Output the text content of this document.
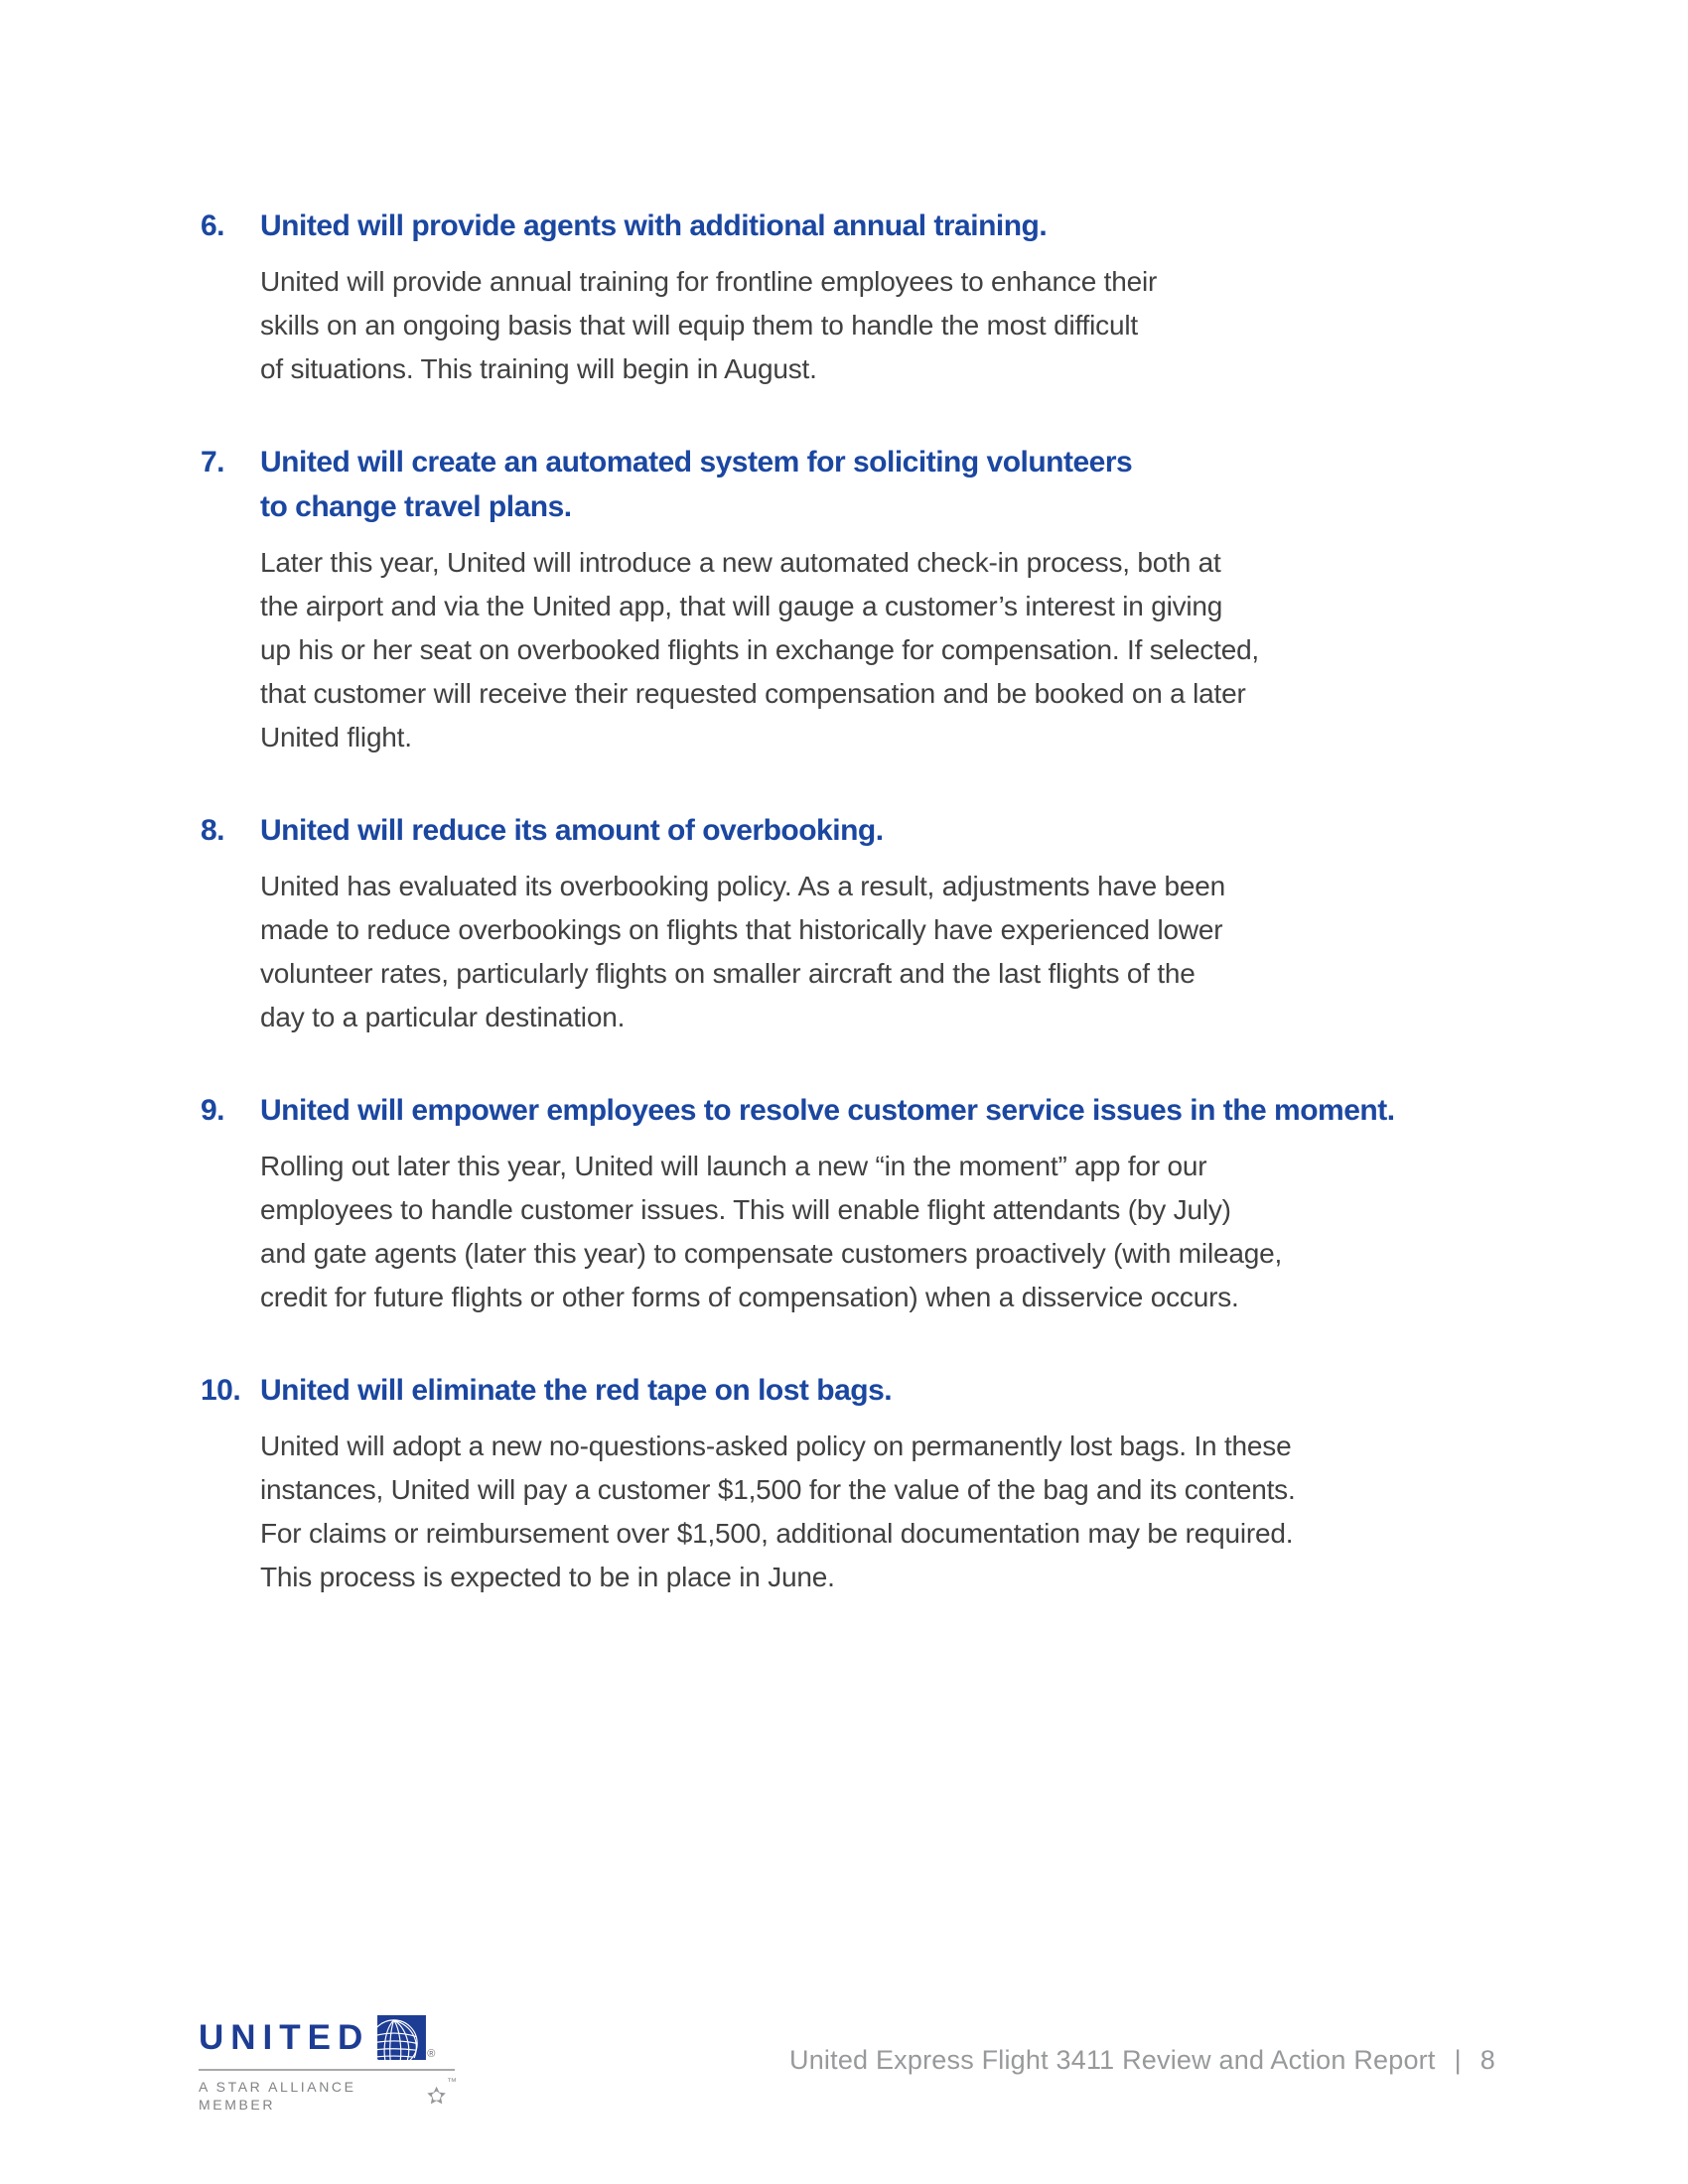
6. United will provide agents with additional annual training.
United will provide annual training for frontline employees to enhance their
skills on an ongoing basis that will equip them to handle the most difficult
of situations. This training will begin in August.
7. United will create an automated system for soliciting volunteers
to change travel plans.
Later this year, United will introduce a new automated check-in process, both at
the airport and via the United app, that will gauge a customer’s interest in giving
up his or her seat on overbooked flights in exchange for compensation. If selected,
that customer will receive their requested compensation and be booked on a later
United flight.
8. United will reduce its amount of overbooking.
United has evaluated its overbooking policy. As a result, adjustments have been
made to reduce overbookings on flights that historically have experienced lower
volunteer rates, particularly flights on smaller aircraft and the last flights of the
day to a particular destination.
9. United will empower employees to resolve customer service issues in the moment.
Rolling out later this year, United will launch a new “in the moment” app for our
employees to handle customer issues. This will enable flight attendants (by July)
and gate agents (later this year) to compensate customers proactively (with mileage,
credit for future flights or other forms of compensation) when a disservice occurs.
10. United will eliminate the red tape on lost bags.
United will adopt a new no-questions-asked policy on permanently lost bags. In these
instances, United will pay a customer $1,500 for the value of the bag and its contents.
For claims or reimbursement over $1,500, additional documentation may be required.
This process is expected to be in place in June.
UNITED	®
A STAR ALLIANCE MEMBER
™
United Express Flight 3411 Review and Action Report | 8
